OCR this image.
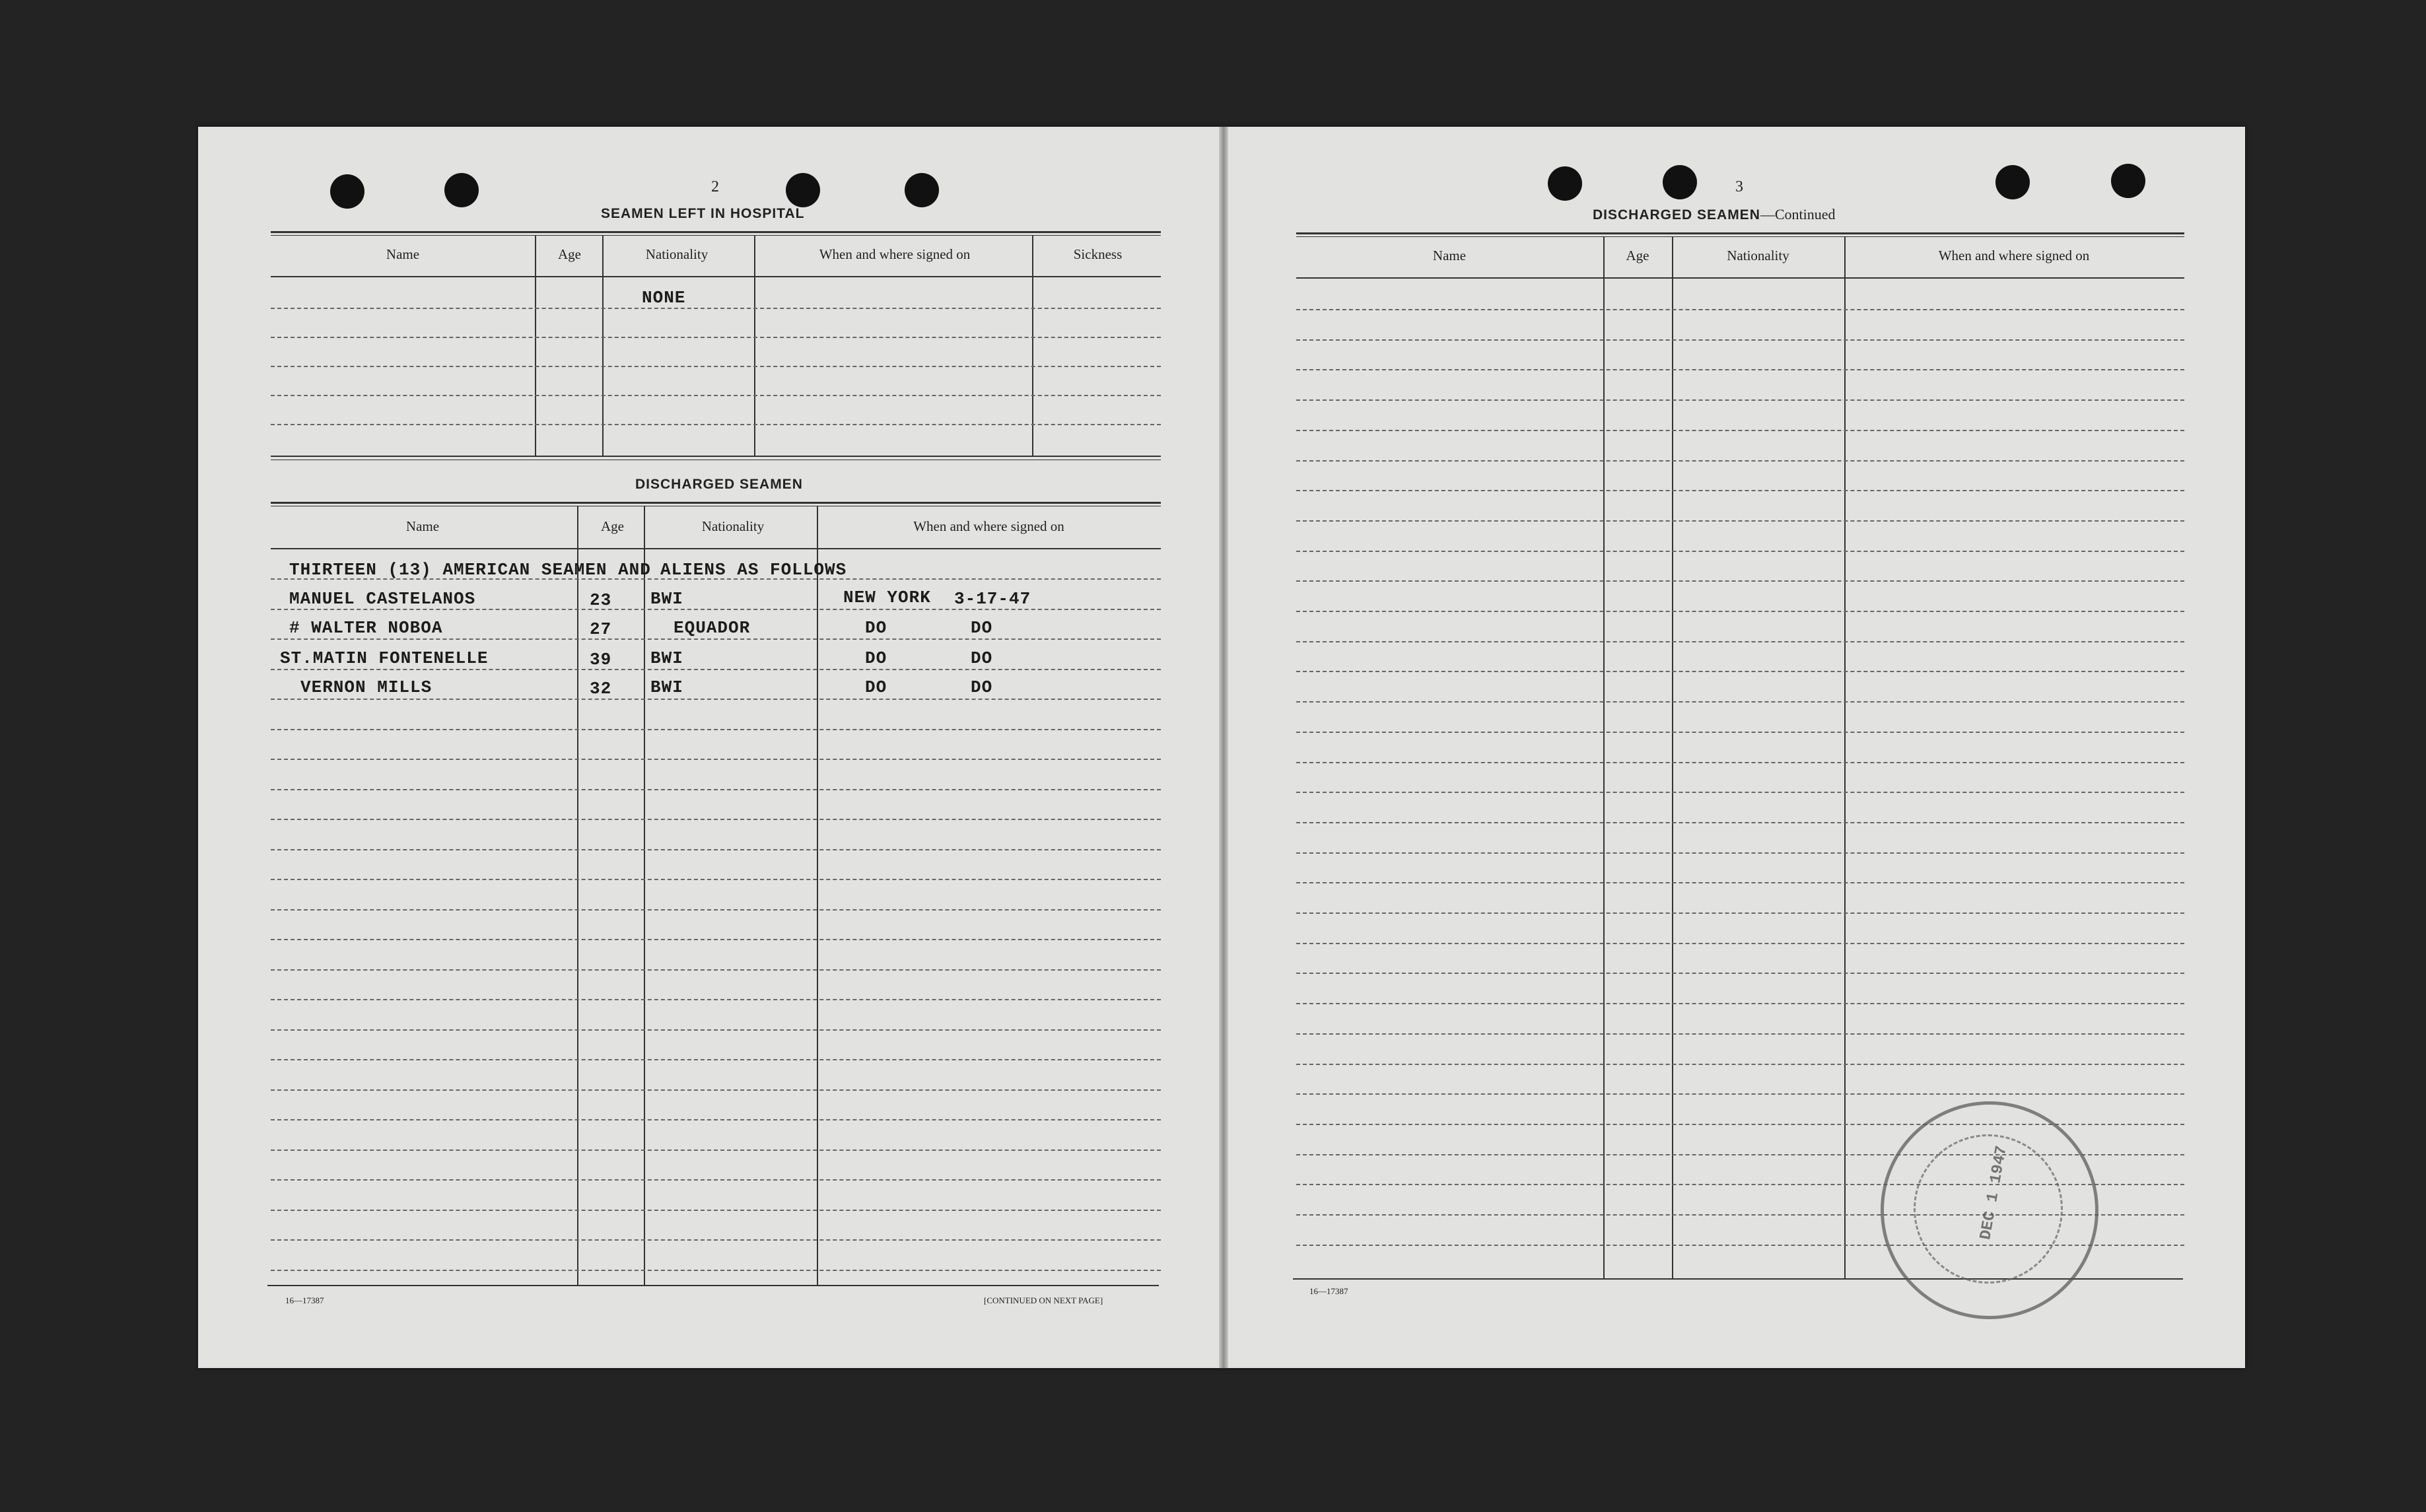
2
SEAMEN LEFT IN HOSPITAL
Name	Age	Nationality	When and where signed on	Sickness
NONE
DISCHARGED SEAMEN
Name	Age	Nationality	When and where signed on
THIRTEEN (13) AMERICAN SEAMEN AND ALIENS AS FOLLOWS
MANUEL CASTELANOS	23 BWI	NEW YORK 3-17-47
# WALTER NOBOA	27	EQUADOR	DO	DO
ST.MATIN FONTENELLE	39 BWI	DO	DO
VERNON MILLS	32 BWI	DO	DO
16—17387	[CONTINUED ON NEXT PAGE]
3
DISCHARGED SEAMEN—Continued
Name	Age	Nationality	When and where signed on
16—17387
DEC 1 1947
